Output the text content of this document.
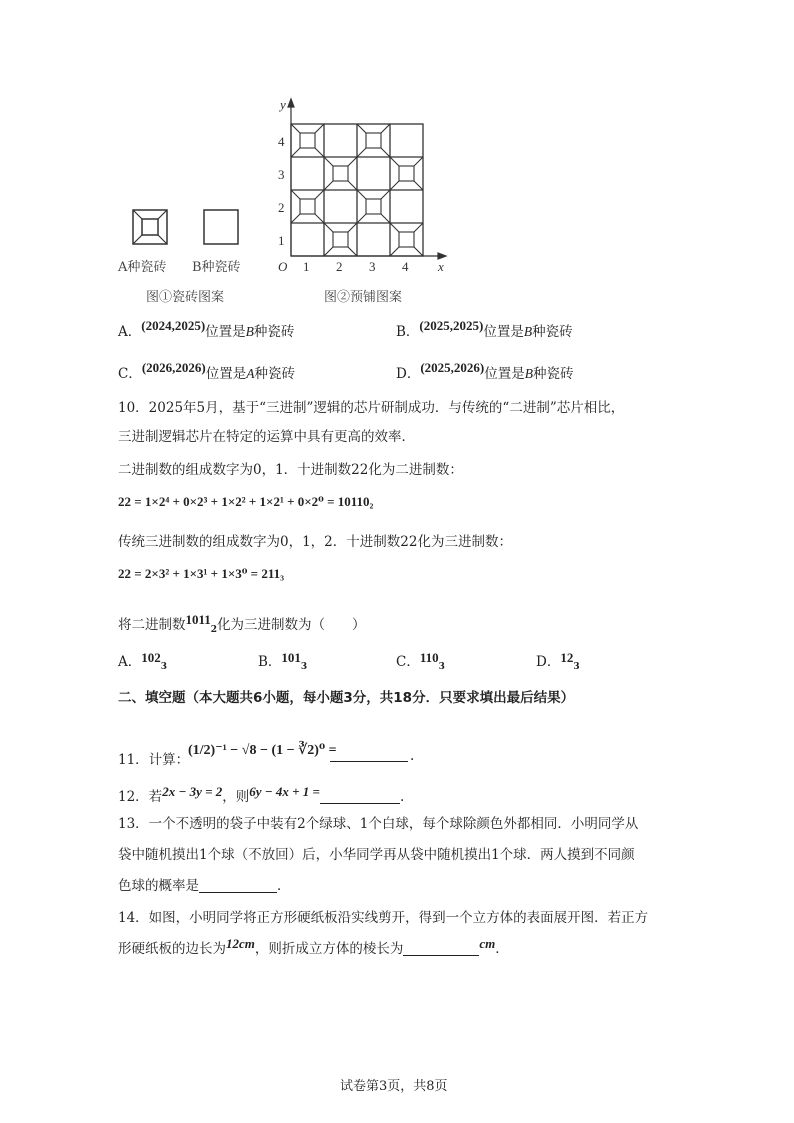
y
x
O 1 2 3 4
1
2
3
4
A种瓷砖 B种瓷砖
图①瓷砖图案	图②预铺图案
A．(2024,2025)位置是B种瓷砖	B．(2025,2025)位置是B种瓷砖
C．(2026,2026)位置是A种瓷砖	D．(2025,2026)位置是B种瓷砖
10．2025年5月，基于“三进制”逻辑的芯片研制成功．与传统的“二进制”芯片相比，
三进制逻辑芯片在特定的运算中具有更高的效率．
二进制数的组成数字为0，1．十进制数22化为二进制数：
22 = 1×2⁴ + 0×2³ + 1×2² + 1×2¹ + 0×2⁰ = 10110₂
传统三进制数的组成数字为0，1，2．十进制数22化为三进制数：
22 = 2×3² + 1×3¹ + 1×3⁰ = 211₃
将二进制数$1011_2$化为三进制数为（　　）
A．$102_3$	B．$101_3$	C．$110_3$	D．$12_3$
二、填空题（本大题共6小题，每小题3分，共18分．只要求填出最后结果）
11．计算：
(1/2)⁻¹ − √8 − (1 − ∛2)⁰ =	.
12．若2x − 3y = 2，则6y − 4x + 1 =	.
13．一个不透明的袋子中装有2个绿球、1个白球，每个球除颜色外都相同．小明同学从
袋中随机摸出1个球（不放回）后，小华同学再从袋中随机摸出1个球．两人摸到不同颜
色球的概率是	．
14．如图，小明同学将正方形硬纸板沿实线剪开，得到一个立方体的表面展开图．若正方
形硬纸板的边长为12cm，则折成立方体的棱长为	cm．
试卷第3页，共8页
